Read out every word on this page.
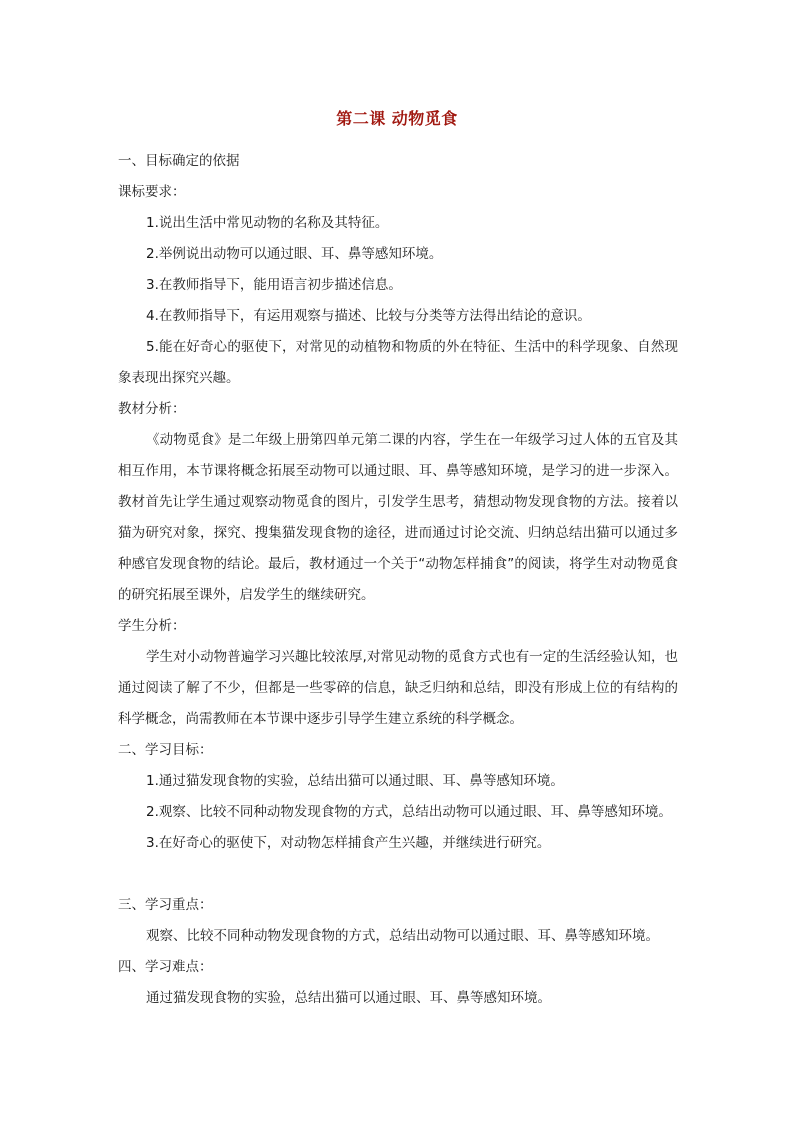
第二课 动物觅食
一、目标确定的依据
课标要求：
1.说出生活中常见动物的名称及其特征。
2.举例说出动物可以通过眼、耳、鼻等感知环境。
3.在教师指导下，能用语言初步描述信息。
4.在教师指导下，有运用观察与描述、比较与分类等方法得出结论的意识。
5.能在好奇心的驱使下，对常见的动植物和物质的外在特征、生活中的科学现象、自然现象表现出探究兴趣。
教材分析：
《动物觅食》是二年级上册第四单元第二课的内容，学生在一年级学习过人体的五官及其相互作用，本节课将概念拓展至动物可以通过眼、耳、鼻等感知环境，是学习的进一步深入。教材首先让学生通过观察动物觅食的图片，引发学生思考，猜想动物发现食物的方法。接着以猫为研究对象，探究、搜集猫发现食物的途径，进而通过讨论交流、归纳总结出猫可以通过多种感官发现食物的结论。最后，教材通过一个关于“动物怎样捕食”的阅读，将学生对动物觅食的研究拓展至课外，启发学生的继续研究。
学生分析：
学生对小动物普遍学习兴趣比较浓厚,对常见动物的觅食方式也有一定的生活经验认知，也通过阅读了解了不少，但都是一些零碎的信息，缺乏归纳和总结，即没有形成上位的有结构的科学概念，尚需教师在本节课中逐步引导学生建立系统的科学概念。
二、学习目标：
1.通过猫发现食物的实验，总结出猫可以通过眼、耳、鼻等感知环境。
2.观察、比较不同种动物发现食物的方式，总结出动物可以通过眼、耳、鼻等感知环境。
3.在好奇心的驱使下，对动物怎样捕食产生兴趣，并继续进行研究。
三、学习重点：
观察、比较不同种动物发现食物的方式，总结出动物可以通过眼、耳、鼻等感知环境。
四、学习难点：
通过猫发现食物的实验，总结出猫可以通过眼、耳、鼻等感知环境。
